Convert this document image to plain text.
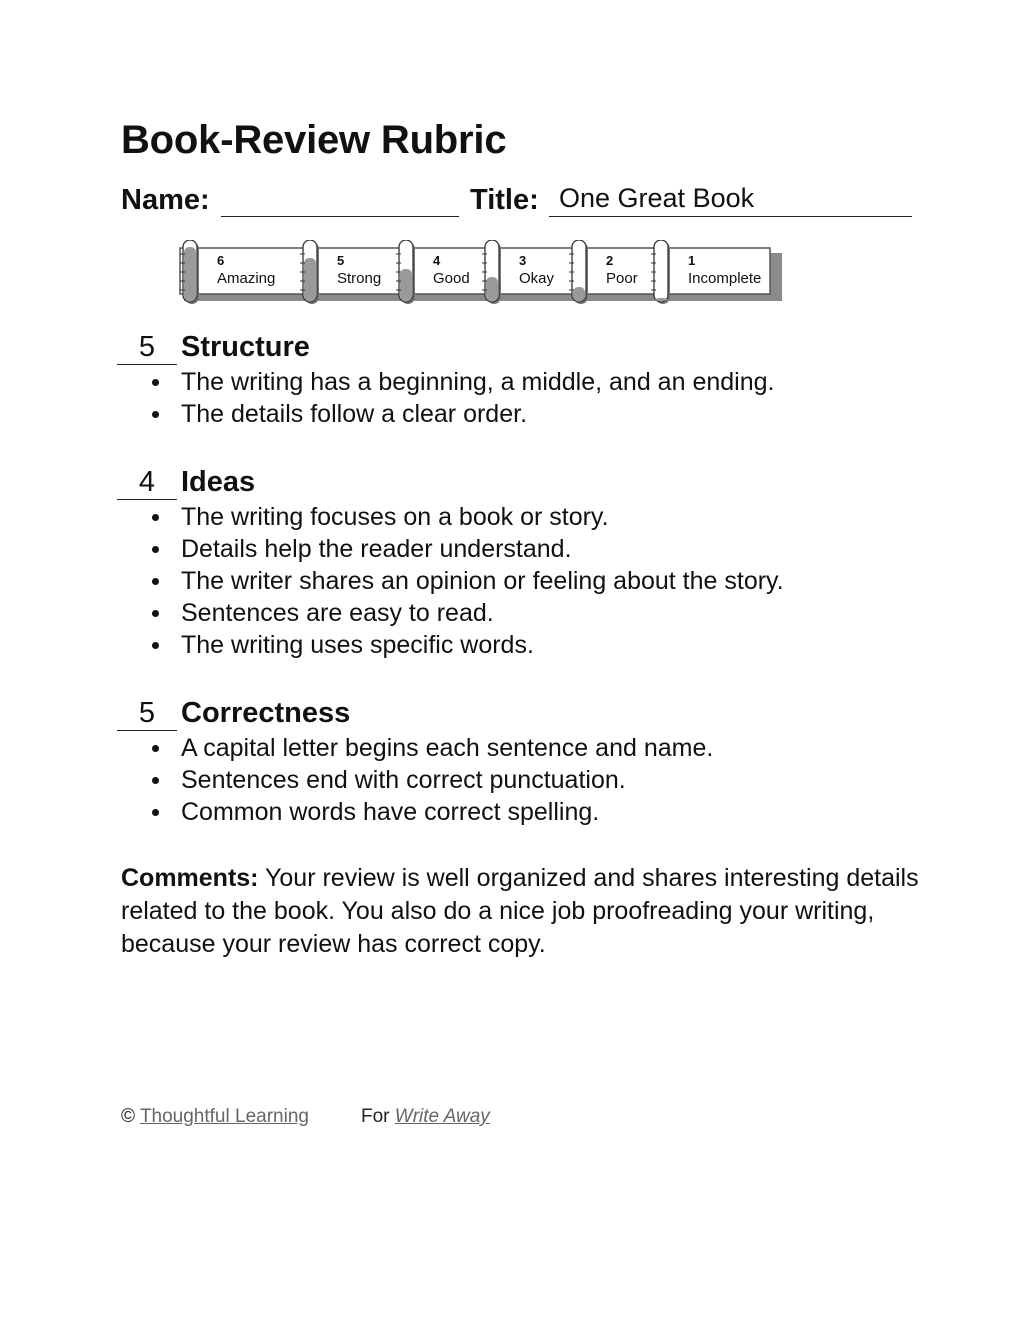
Book-Review Rubric
Name:	Title: One Great Book
6
Amazing
5
Strong
4
Good
3
Okay
2
Poor
1
Incomplete
5 Structure
The writing has a beginning, a middle, and an ending.
The details follow a clear order.
4 Ideas
The writing focuses on a book or story.
Details help the reader understand.
The writer shares an opinion or feeling about the story.
Sentences are easy to read.
The writing uses specific words.
5 Correctness
A capital letter begins each sentence and name.
Sentences end with correct punctuation.
Common words have correct spelling.

Comments: Your review is well organized and shares interesting details related to the book. You also do a nice job proofreading your writing, because your review has correct copy.

© Thoughtful Learning	For Write Away
